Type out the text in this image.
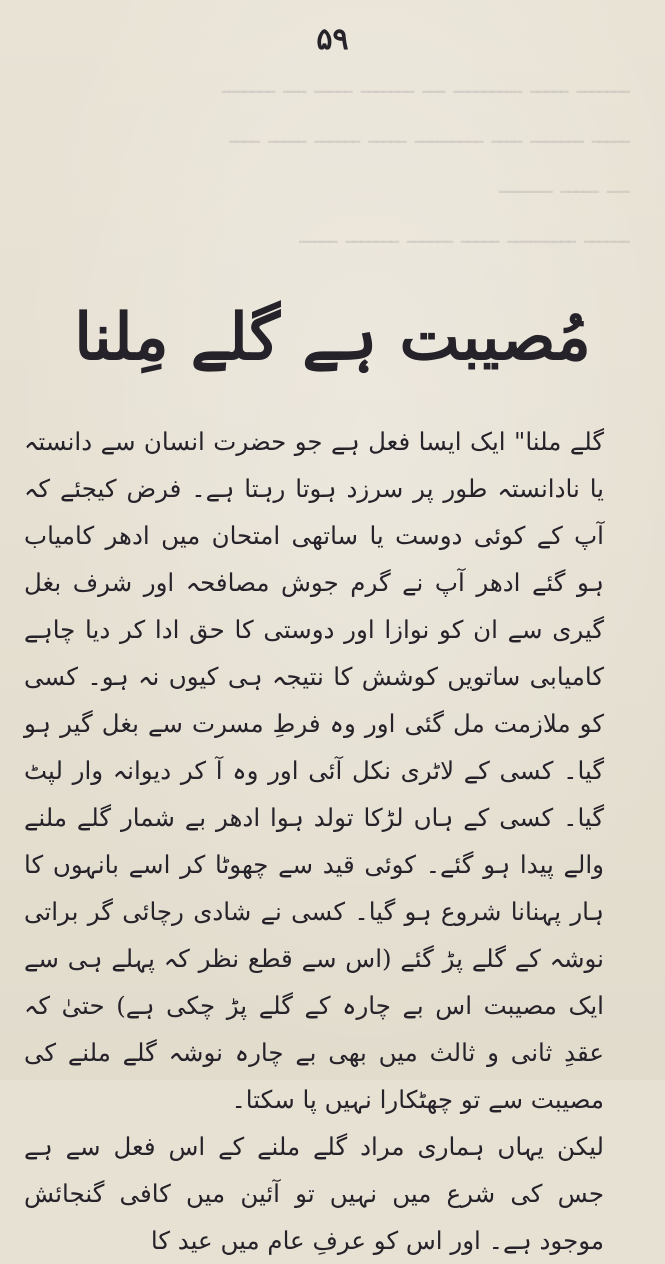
ـــــــ ـــــ ـــــــــ ـــ ـــــــ ـــــ ـــ ـــــــ
ـــــ ـــــــ ــــ ـــــــــ ـــــ ــــــ ـــــ ــــ
ـــ ـــــ ـــــــ
ــــــ ـــــــــ ـــــ ــــــ ـــــــ ـــــ
۵۹
مُصیبت ہے گلے مِلنا

گلے ملنا" ایک ایسا فعل ہے جو حضرت انسان سے دانستہ یا نادانستہ طور پر سرزد ہوتا رہتا ہے۔ فرض کیجئے کہ آپ کے کوئی دوست یا ساتھی امتحان میں ادھر کامیاب ہو گئے ادھر آپ نے گرم جوش مصافحہ اور شرف بغل گیری سے ان کو نوازا اور دوستی کا حق ادا کر دیا چاہے کامیابی ساتویں کوشش کا نتیجہ ہی کیوں نہ ہو۔ کسی کو ملازمت مل گئی اور وہ فرطِ مسرت سے بغل گیر ہو گیا۔ کسی کے لاٹری نکل آئی اور وہ آ کر دیوانہ وار لپٹ گیا۔ کسی کے ہاں لڑکا تولد ہوا ادھر بے شمار گلے ملنے والے پیدا ہو گئے۔ کوئی قید سے چھوٹا کر اسے بانہوں کا ہار پہنانا شروع ہو گیا۔ کسی نے شادی رچائی گر براتی نوشہ کے گلے پڑ گئے (اس سے قطع نظر کہ پہلے ہی سے ایک مصیبت اس بے چارہ کے گلے پڑ چکی ہے) حتیٰ کہ عقدِ ثانی و ثالث میں بھی بے چارہ نوشہ گلے ملنے کی مصیبت سے تو چھٹکارا نہیں پا سکتا۔

لیکن یہاں ہماری مراد گلے ملنے کے اس فعل سے ہے جس کی شرع میں نہیں تو آئین میں کافی گنجائش موجود ہے۔ اور اس کو عرفِ عام میں عید کا
